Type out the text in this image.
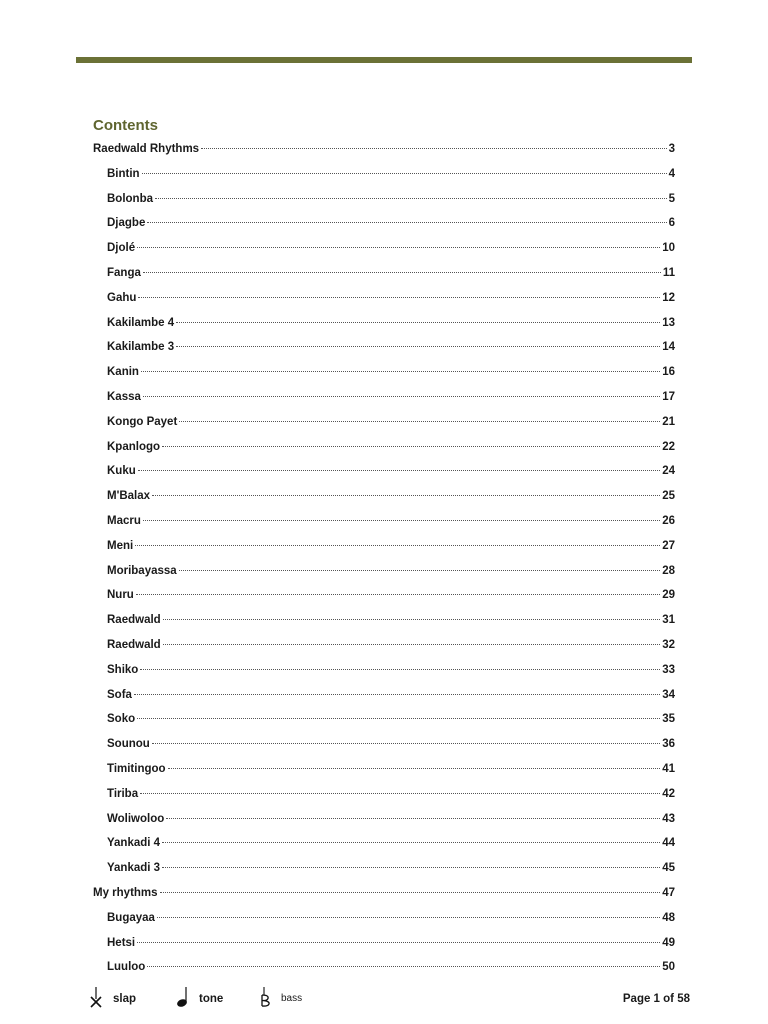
Contents
Raedwald Rhythms	3
Bintin	4
Bolonba	5
Djagbe	6
Djolé	10
Fanga	11
Gahu	12
Kakilambe 4	13
Kakilambe 3	14
Kanin	16
Kassa	17
Kongo Payet	21
Kpanlogo	22
Kuku	24
M'Balax	25
Macru	26
Meni	27
Moribayassa	28
Nuru	29
Raedwald	31
Raedwald	32
Shiko	33
Sofa	34
Soko	35
Sounou	36
Timitingoo	41
Tiriba	42
Woliwoloo	43
Yankadi 4	44
Yankadi 3	45
My rhythms	47
Bugayaa	48
Hetsi	49
Luuloo	50
slap	tone	bass	Page 1 of 58
